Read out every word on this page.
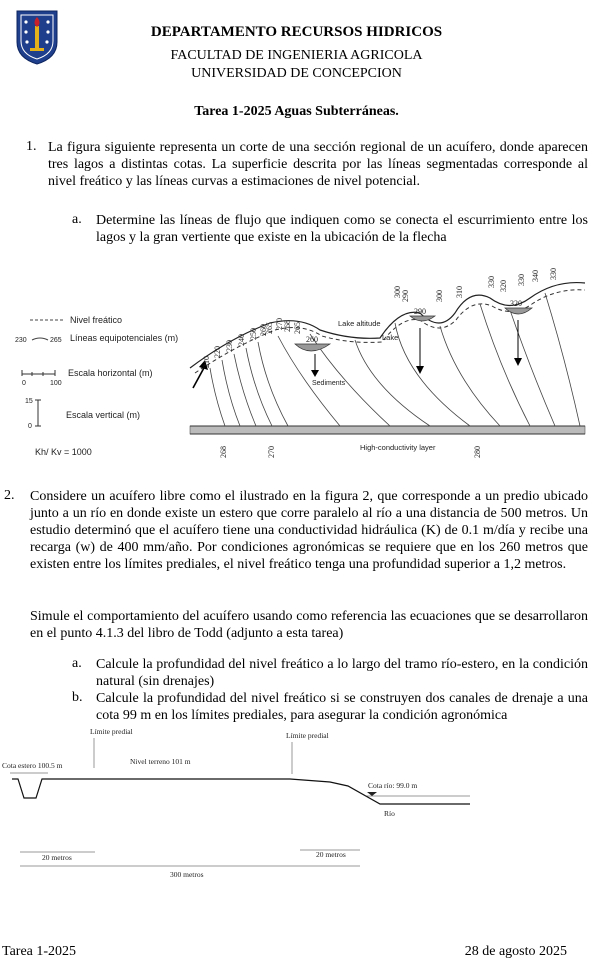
DEPARTAMENTO RECURSOS HIDRICOS
FACULTAD DE INGENIERIA AGRICOLA
UNIVERSIDAD DE CONCEPCION
Tarea 1-2025 Aguas Subterráneas.
1. La figura siguiente representa un corte de una sección regional de un acuífero, donde aparecen tres lagos a distintas cotas. La superficie descrita por las líneas segmentadas corresponde al nivel freático y las líneas curvas a estimaciones de nivel potencial.

a. Determine las líneas de flujo que indiquen como se conecta el escurrimiento entre los lagos y la gran vertiente que existe en la ubicación de la flecha

Nivel freático
230	265 Líneas equipotenciales (m)
0	100
Escala horizontal (m)
15
0
Escala vertical (m)
Kh/ Kv = 1000
Lake altitude
Lake
Sediments
High-conductivity layer
260
290
320
210
220 230 240 250 260
265 270 268 265
300 290	300 310
330 320 330 340 330
268	270	280
2. Considere un acuífero libre como el ilustrado en la figura 2, que corresponde a un predio ubicado junto a un río en donde existe un estero que corre paralelo al río a una distancia de 500 metros. Un estudio determinó que el acuífero tiene una conductividad hidráulica (K) de 0.1 m/día y recibe una recarga (w) de 400 mm/año. Por condiciones agronómicas se requiere que en los 260 metros que existen entre los límites prediales, el nivel freático tenga una profundidad superior a 1,2 metros.

Simule el comportamiento del acuífero usando como referencia las ecuaciones que se desarrollaron en el punto 4.1.3 del libro de Todd (adjunto a esta tarea)

a. Calcule la profundidad del nivel freático a lo largo del tramo río-estero, en la condición natural (sin drenajes)

b. Calcule la profundidad del nivel freático si se construyen dos canales de drenaje a una cota 99 m en los límites prediales, para asegurar la condición agronómica

Límite predial	Límite predial
Cota estero 100.5 m	Nivel terreno 101 m
Cota río: 99.0 m
Río
20 metros	20 metros
300 metros
Tarea 1-2025	28 de agosto 2025
